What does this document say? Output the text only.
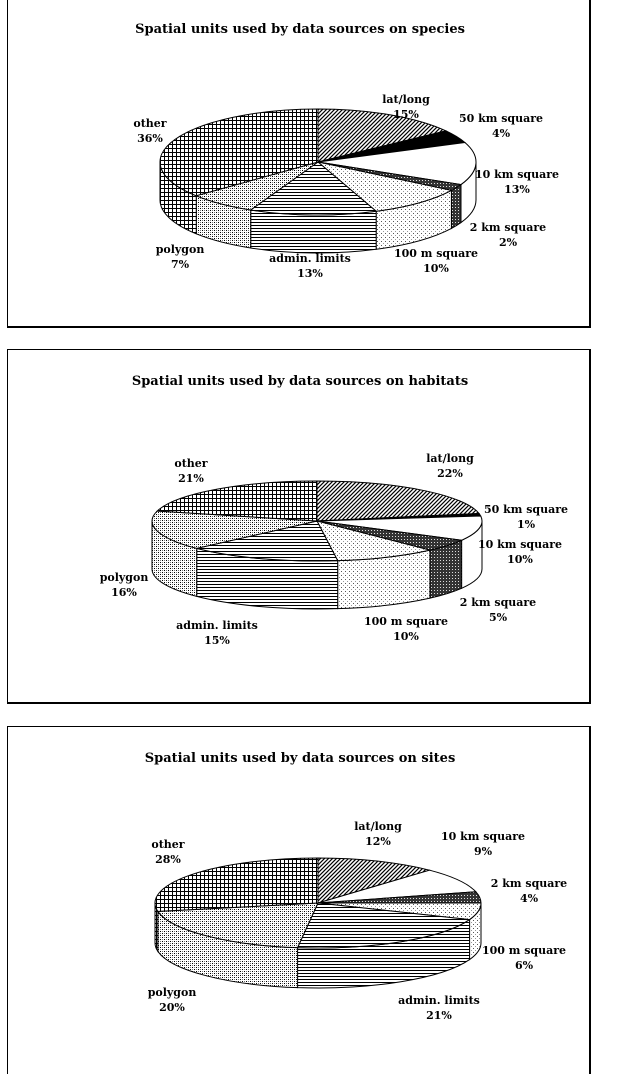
Spatial units used by data sources on species
lat/long
15%	50 km square
4%
10 km square
13%
2 km square
2%
100 m square
10%
admin. limits
13%
polygon
7%
other
36%
Spatial units used by data sources on habitats
lat/long
22%
50 km square
1%
10 km square
10%
2 km square
5%
100 m square
10%
admin. limits
15%
polygon
16%
other
21%
Spatial units used by data sources on sites
lat/long
12%	10 km square
9%
2 km square
4%
100 m square
6%
admin. limits
21%
polygon
20%
other
28%
